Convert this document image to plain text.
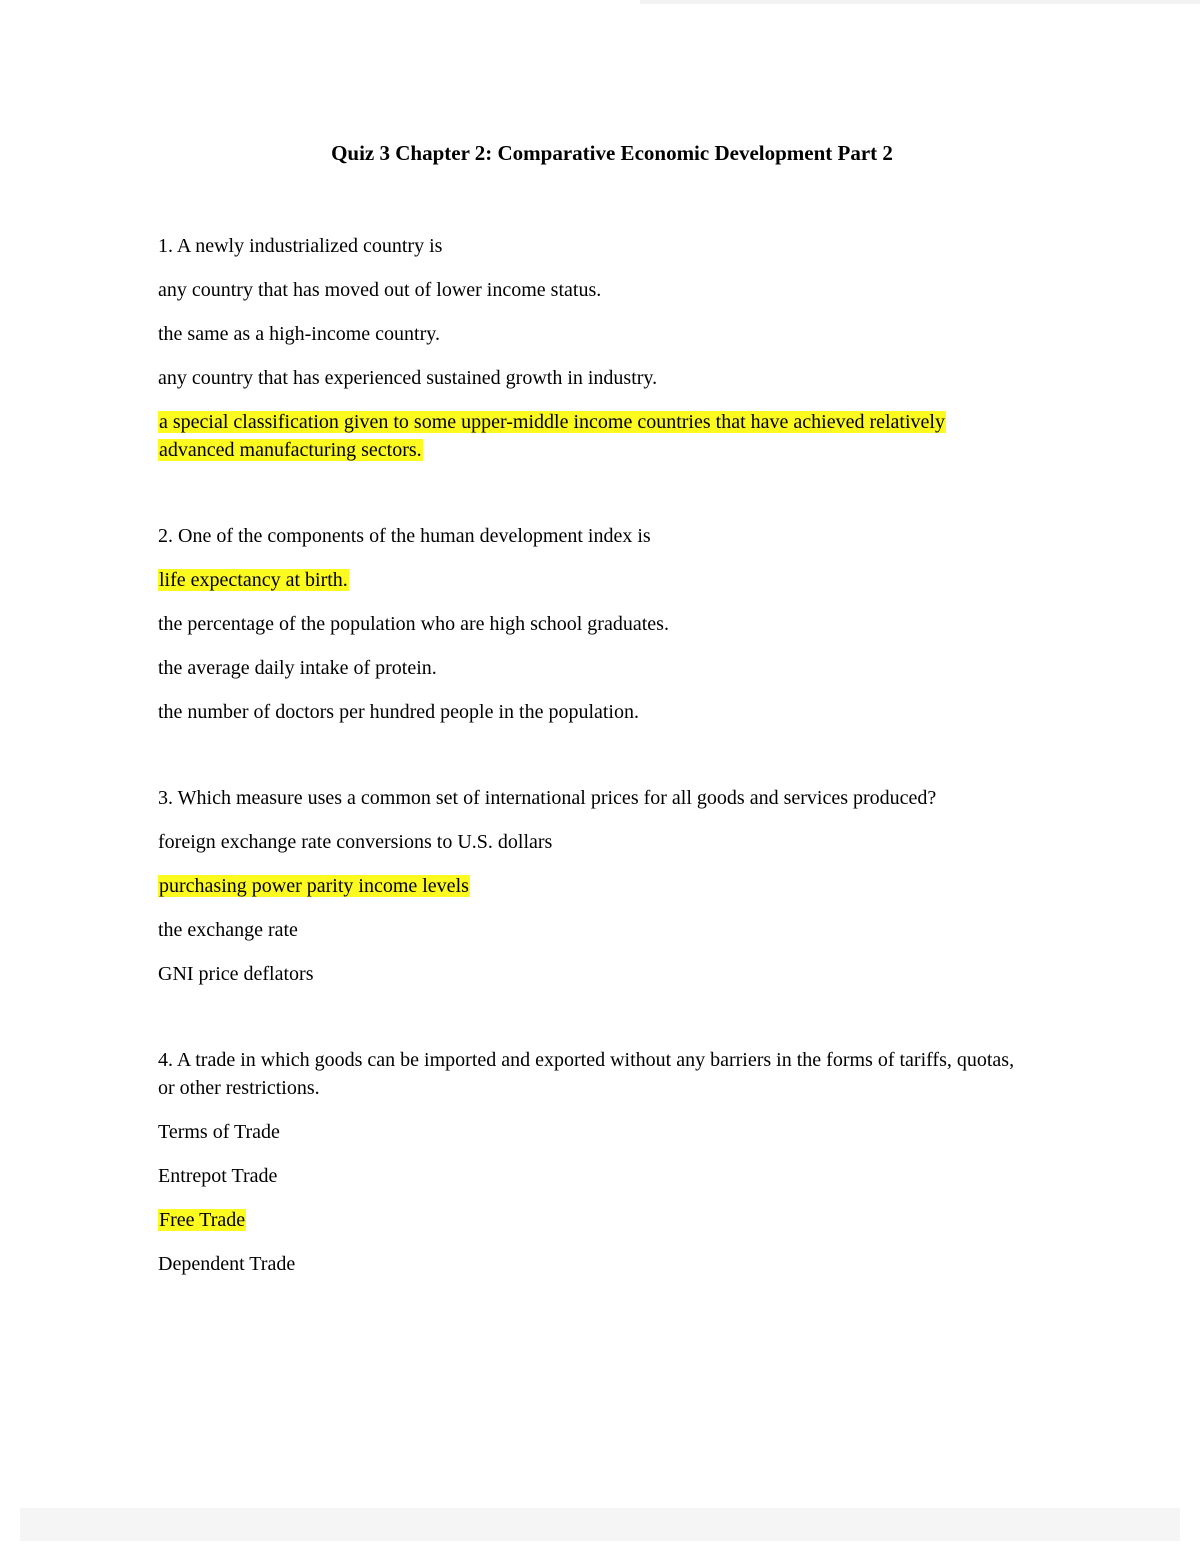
Quiz 3 Chapter 2: Comparative Economic Development Part 2
1. A newly industrialized country is
any country that has moved out of lower income status.
the same as a high-income country.
any country that has experienced sustained growth in industry.
a special classification given to some upper-middle income countries that have achieved relatively advanced manufacturing sectors.
2. One of the components of the human development index is
life expectancy at birth.
the percentage of the population who are high school graduates.
the average daily intake of protein.
the number of doctors per hundred people in the population.
3. Which measure uses a common set of international prices for all goods and services produced?
foreign exchange rate conversions to U.S. dollars
purchasing power parity income levels
the exchange rate
GNI price deflators
4. A trade in which goods can be imported and exported without any barriers in the forms of tariffs, quotas, or other restrictions.
Terms of Trade
Entrepot Trade
Free Trade
Dependent Trade
